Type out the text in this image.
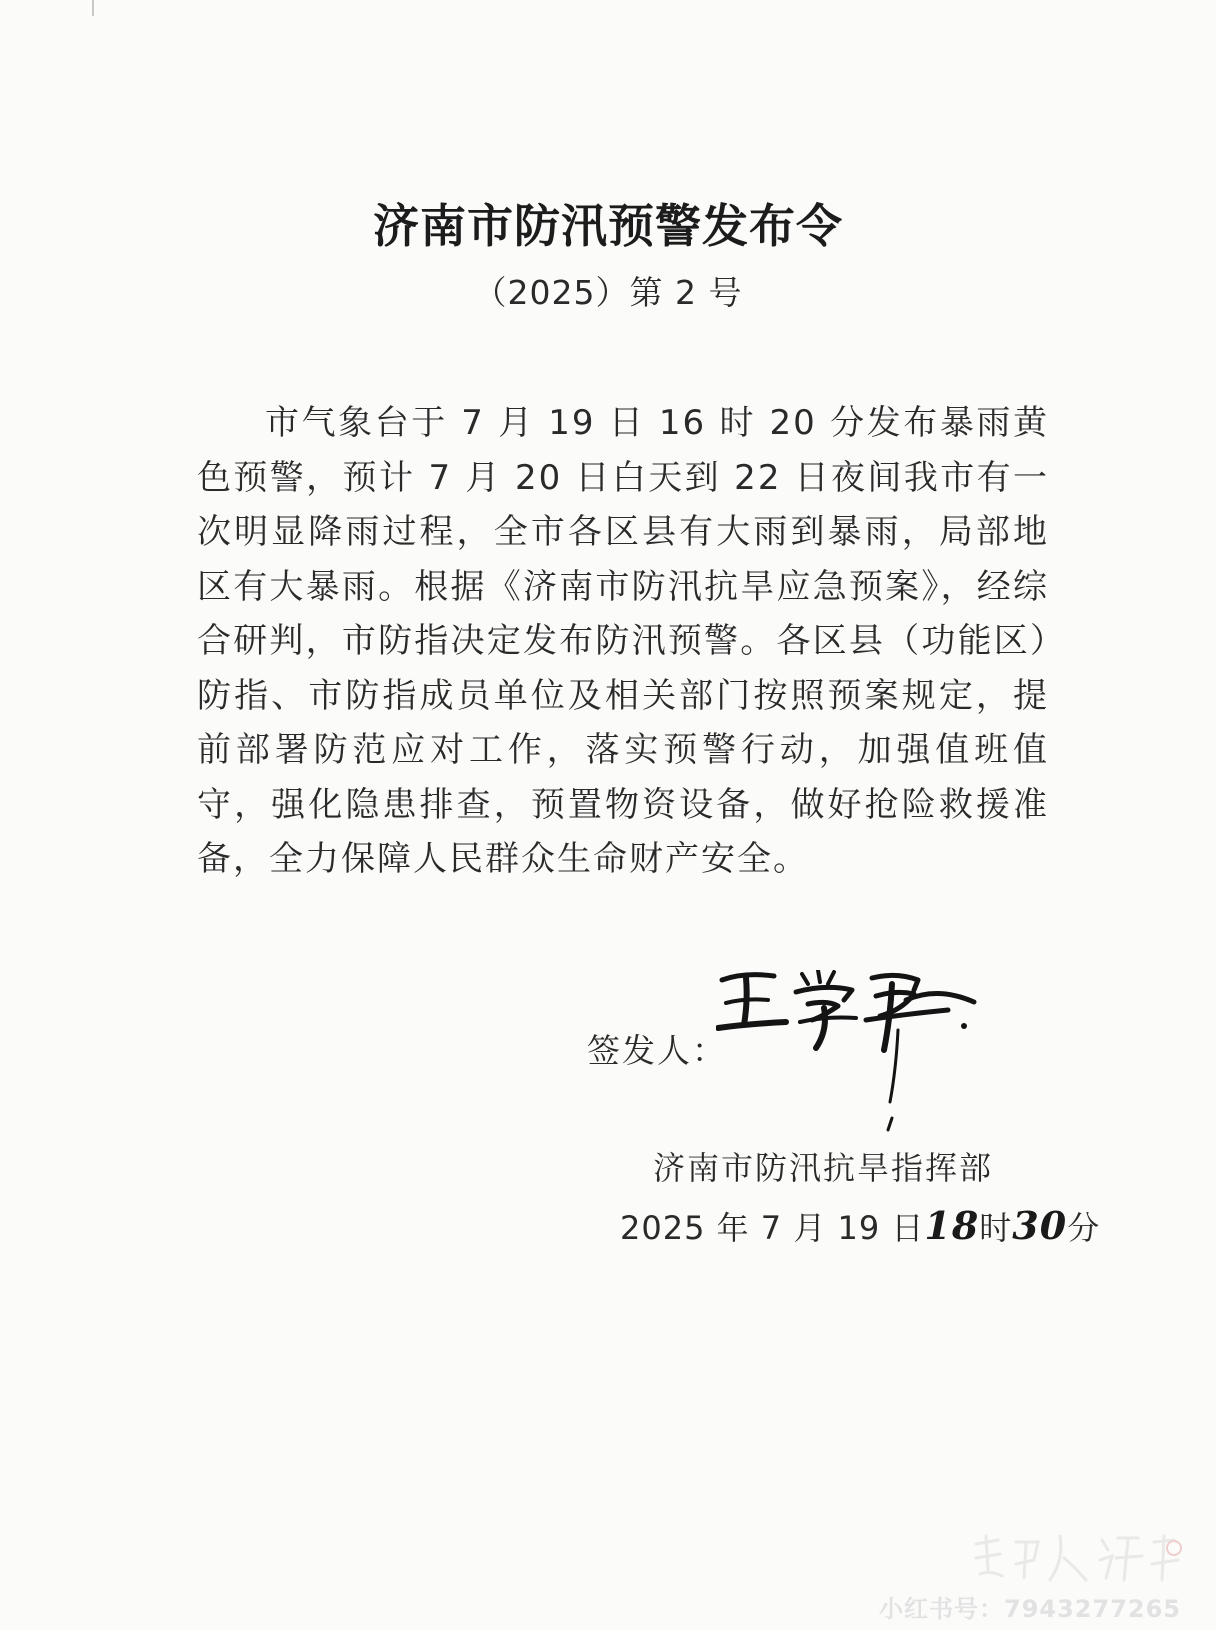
济南市防汛预警发布令
（2025）第 2 号

市气象台于 7 月 19 日 16 时 20 分发布暴雨黄色预警，预计 7 月 20 日白天到 22 日夜间我市有一次明显降雨过程，全市各区县有大雨到暴雨，局部地区有大暴雨。根据《济南市防汛抗旱应急预案》，经综合研判，市防指决定发布防汛预警。各区县（功能区）防指、市防指成员单位及相关部门按照预案规定，提前部署防范应对工作，落实预警行动，加强值班值守，强化隐患排查，预置物资设备，做好抢险救援准备，全力保障人民群众生命财产安全。

签发人：
济南市防汛抗旱指挥部
2025 年 7 月 19 日18时30分
小红书号：7943277265
